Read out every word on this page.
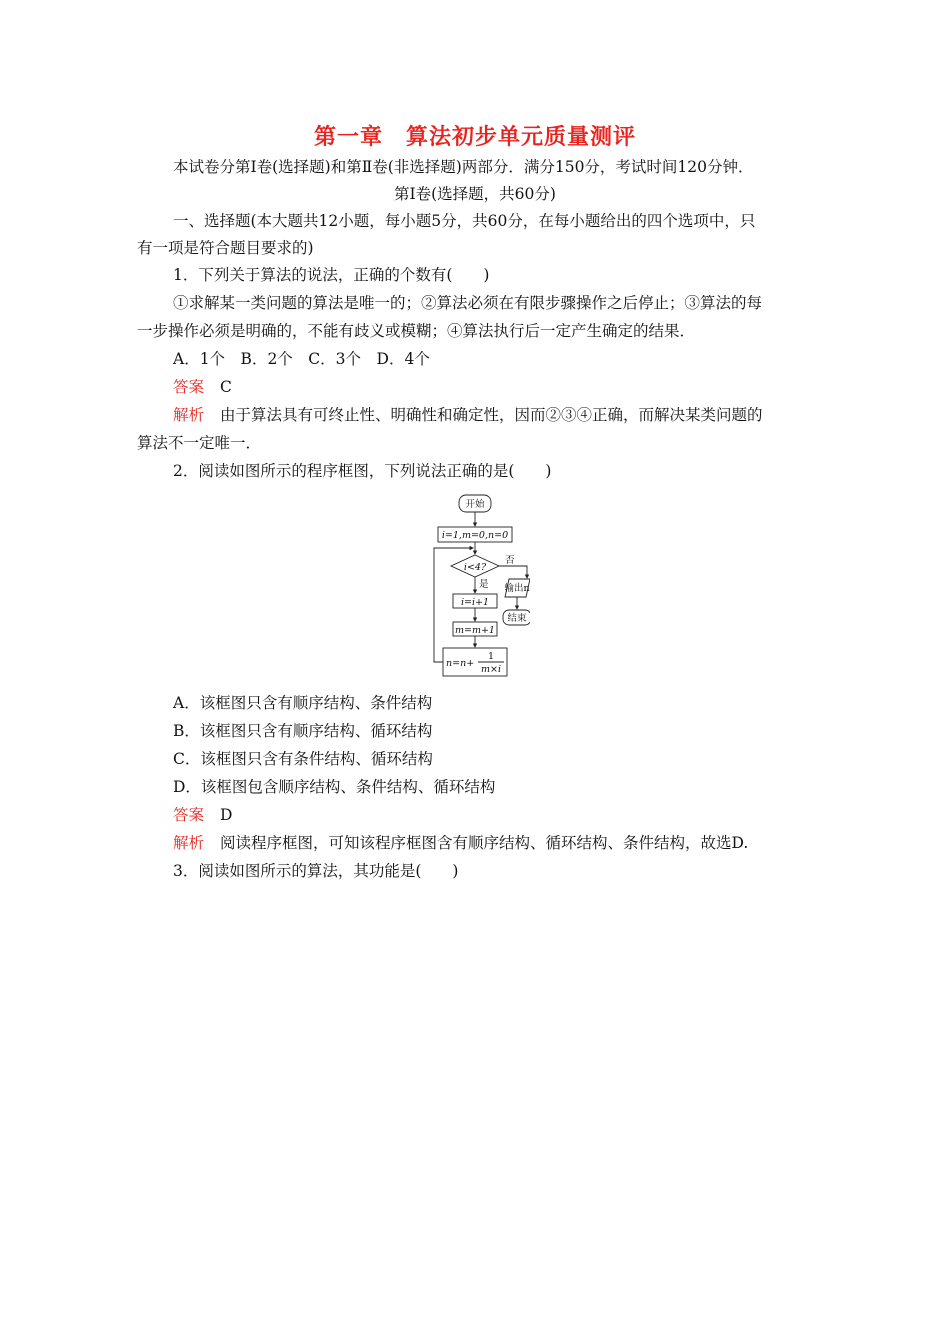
第一章　算法初步单元质量测评
本试卷分第Ⅰ卷(选择题)和第Ⅱ卷(非选择题)两部分．满分150分，考试时间120分钟．
第Ⅰ卷(选择题，共60分)
一、选择题(本大题共12小题，每小题5分，共60分，在每小题给出的四个选项中，只
有一项是符合题目要求的)
1．下列关于算法的说法，正确的个数有(　　)
①求解某一类问题的算法是唯一的；②算法必须在有限步骤操作之后停止；③算法的每
一步操作必须是明确的，不能有歧义或模糊；④算法执行后一定产生确定的结果．
A．1个　B．2个　C．3个　D．4个
答案 C
解析 由于算法具有可终止性、明确性和确定性，因而②③④正确，而解决某类问题的
算法不一定唯一．
2．阅读如图所示的程序框图，下列说法正确的是(　　)
开始
i=1,m=0,n=0
i<4?
否
是 输出n
结束
i=i+1
m=m+1
n=n+
1
m×i
A．该框图只含有顺序结构、条件结构
B．该框图只含有顺序结构、循环结构
C．该框图只含有条件结构、循环结构
D．该框图包含顺序结构、条件结构、循环结构
答案 D
解析 阅读程序框图，可知该程序框图含有顺序结构、循环结构、条件结构，故选D.
3．阅读如图所示的算法，其功能是(　　)
